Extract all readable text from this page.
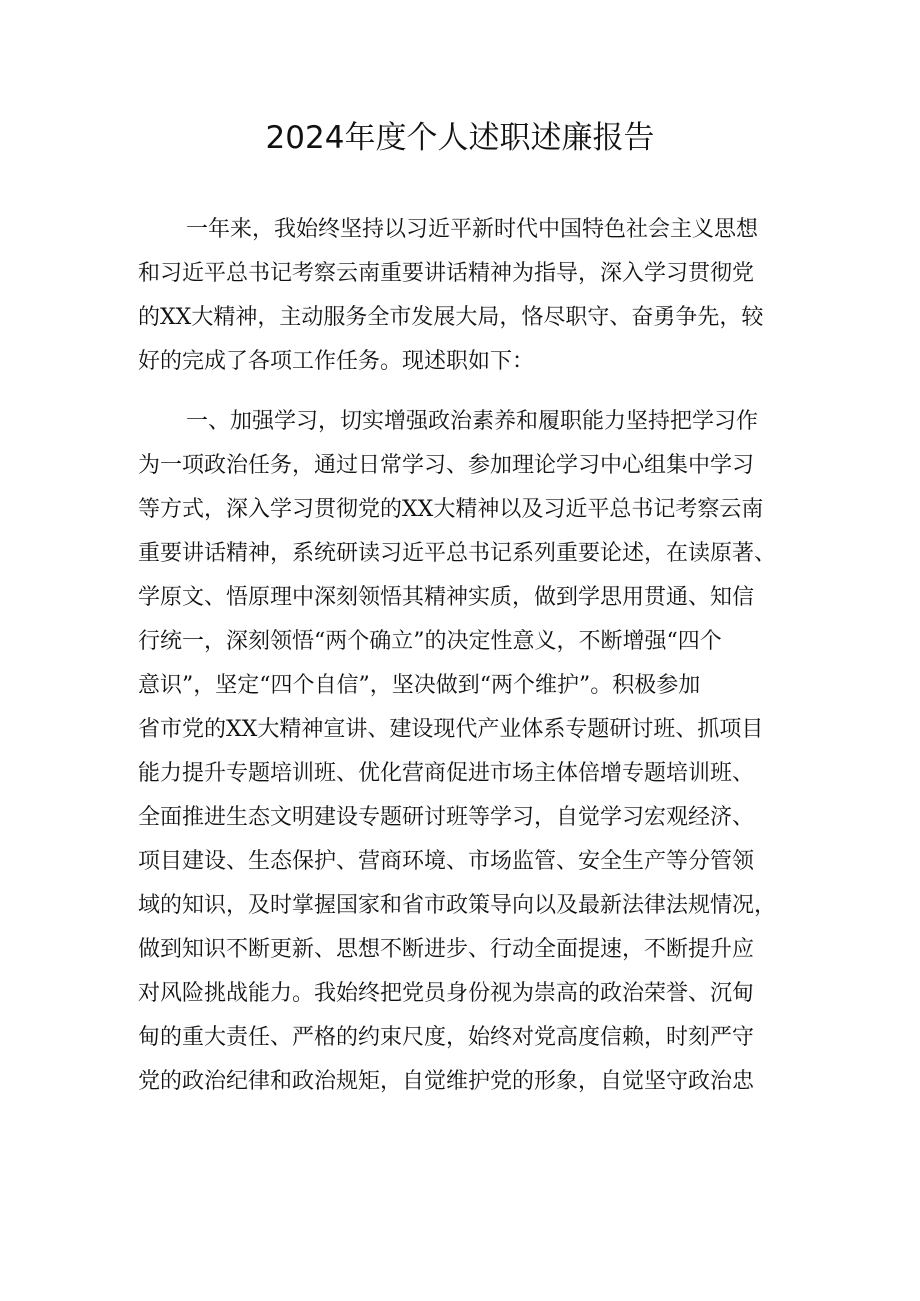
2024年度个人述职述廉报告
一年来，我始终坚持以习近平新时代中国特色社会主义思想
和习近平总书记考察云南重要讲话精神为指导，深入学习贯彻党
的XX大精神，主动服务全市发展大局，恪尽职守、奋勇争先，较
好的完成了各项工作任务。现述职如下：
一、加强学习，切实增强政治素养和履职能力坚持把学习作
为一项政治任务，通过日常学习、参加理论学习中心组集中学习
等方式，深入学习贯彻党的XX大精神以及习近平总书记考察云南
重要讲话精神，系统研读习近平总书记系列重要论述，在读原著、
学原文、悟原理中深刻领悟其精神实质，做到学思用贯通、知信
行统一，深刻领悟“两个确立”的决定性意义，不断增强“四个
意识”，坚定“四个自信”，坚决做到“两个维护”。积极参加
省市党的XX大精神宣讲、建设现代产业体系专题研讨班、抓项目
能力提升专题培训班、优化营商促进市场主体倍增专题培训班、
全面推进生态文明建设专题研讨班等学习，自觉学习宏观经济、
项目建设、生态保护、营商环境、市场监管、安全生产等分管领
域的知识，及时掌握国家和省市政策导向以及最新法律法规情况，
做到知识不断更新、思想不断进步、行动全面提速，不断提升应
对风险挑战能力。我始终把党员身份视为崇高的政治荣誉、沉甸
甸的重大责任、严格的约束尺度，始终对党高度信赖，时刻严守
党的政治纪律和政治规矩，自觉维护党的形象，自觉坚守政治忠
